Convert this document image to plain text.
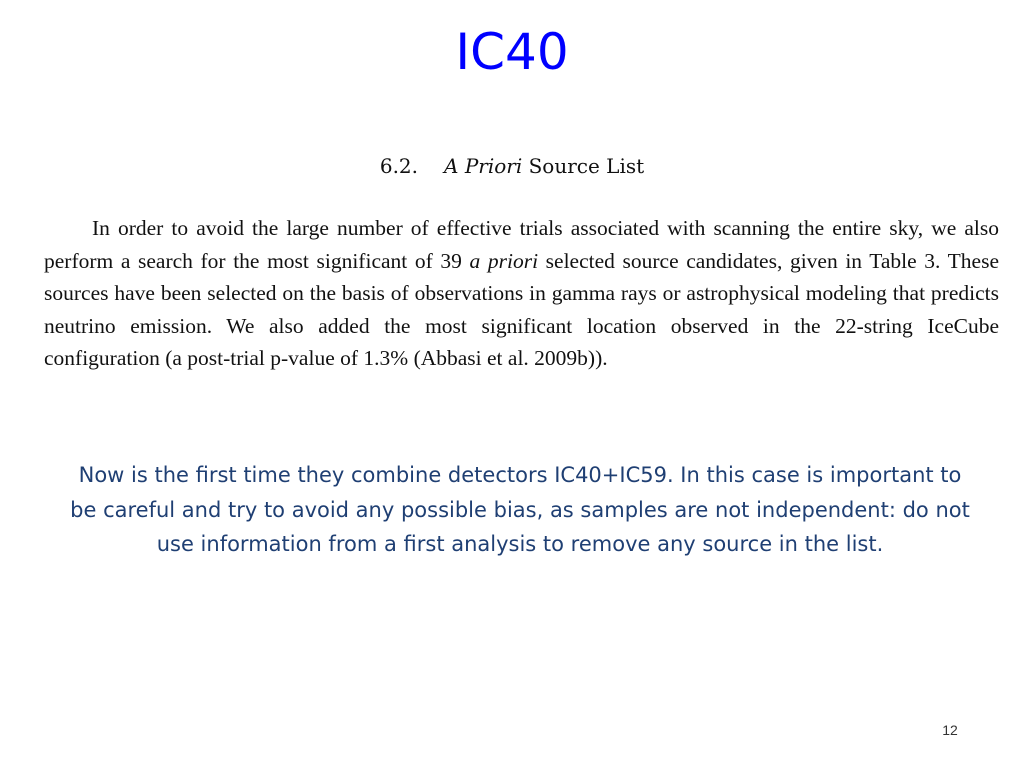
IC40
6.2. A Priori Source List

In order to avoid the large number of effective trials associated with scanning the entire sky, we also perform a search for the most significant of 39 a priori selected source candidates, given in Table 3. These sources have been selected on the basis of observations in gamma rays or astrophysical modeling that predicts neutrino emission. We also added the most significant location observed in the 22-string IceCube configuration (a post-trial p-value of 1.3% (Abbasi et al. 2009b)).

Now is the first time they combine detectors IC40+IC59. In this case is important to be careful and try to avoid any possible bias, as samples are not independent: do not use information from a first analysis to remove any source in the list.

12
